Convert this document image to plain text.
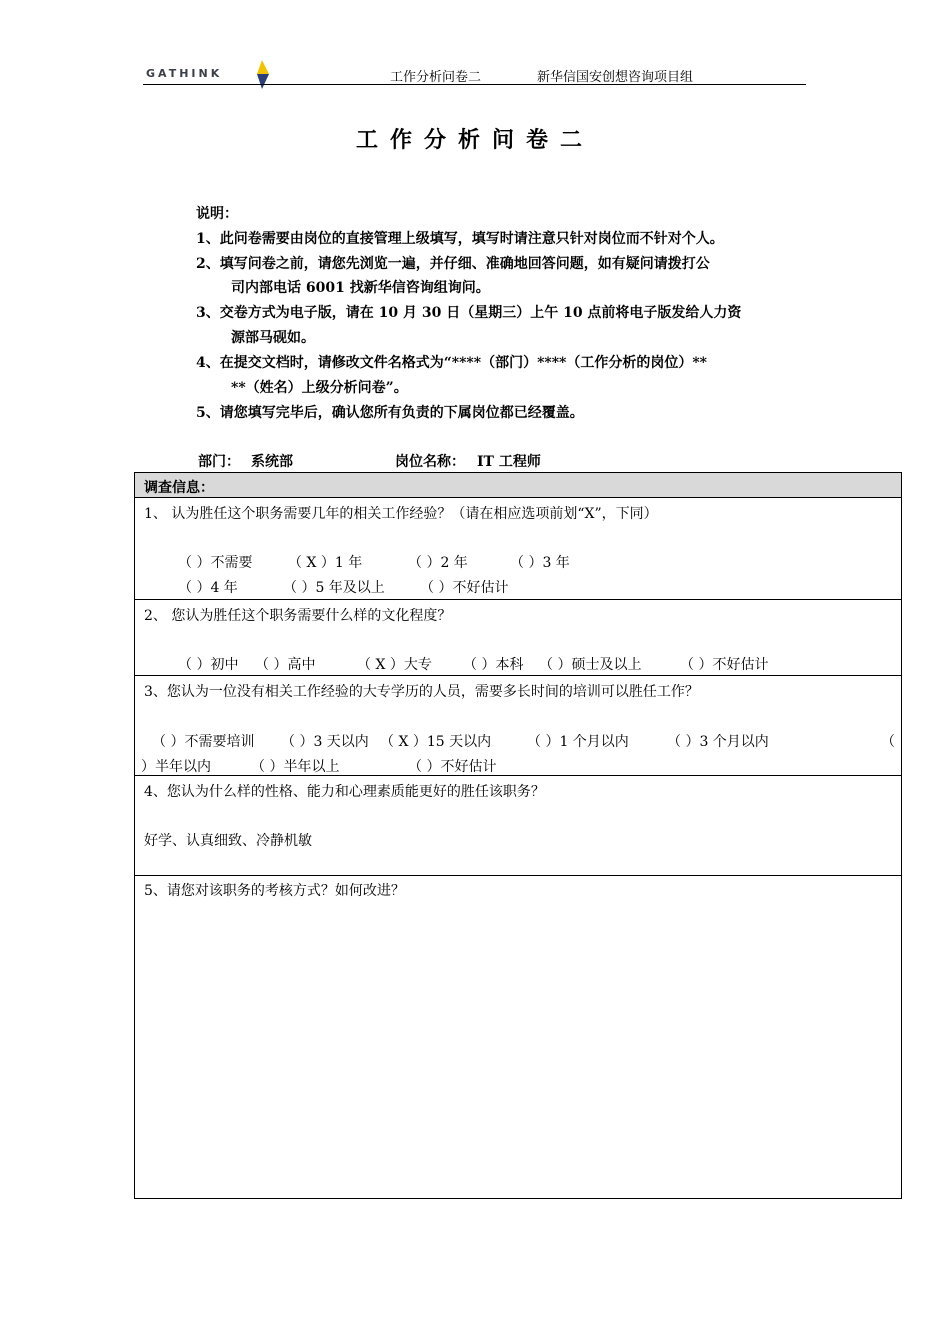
GATHINK	工作分析问卷二	新华信国安创想咨询项目组
工作分析问卷二
说明：
1、此问卷需要由岗位的直接管理上级填写，填写时请注意只针对岗位而不针对个人。
2、填写问卷之前，请您先浏览一遍，并仔细、准确地回答问题，如有疑问请拨打公
司内部电话 6001 找新华信咨询组询问。
3、交卷方式为电子版，请在 10 月 30 日（星期三）上午 10 点前将电子版发给人力资
源部马砚如。
4、在提交文档时，请修改文件名格式为“****（部门）****（工作分析的岗位）**
**（姓名）上级分析问卷”。
5、请您填写完毕后，确认您所有负责的下属岗位都已经覆盖。
部门： 系统部	岗位名称： IT 工程师
调查信息：
1、 认为胜任这个职务需要几年的相关工作经验？（请在相应选项前划“X”，下同）
（ ）不需要	（ X ）1 年	（ ）2 年	（ ）3 年
（ ）4 年	（ ）5 年及以上	（ ）不好估计
2、 您认为胜任这个职务需要什么样的文化程度？
（ ）初中 （ ）高中	（ X ）大专 （ ）本科 （ ）硕士及以上	（ ）不好估计
3、您认为一位没有相关工作经验的大专学历的人员，需要多长时间的培训可以胜任工作？
（ ）不需要培训 （ ）3 天以内 （ X ）15 天以内	（ ）1 个月以内	（ ）3 个月以内	（
）半年以内	（ ）半年以上	（ ）不好估计
4、您认为什么样的性格、能力和心理素质能更好的胜任该职务？
好学、认真细致、冷静机敏
5、请您对该职务的考核方式？如何改进？
